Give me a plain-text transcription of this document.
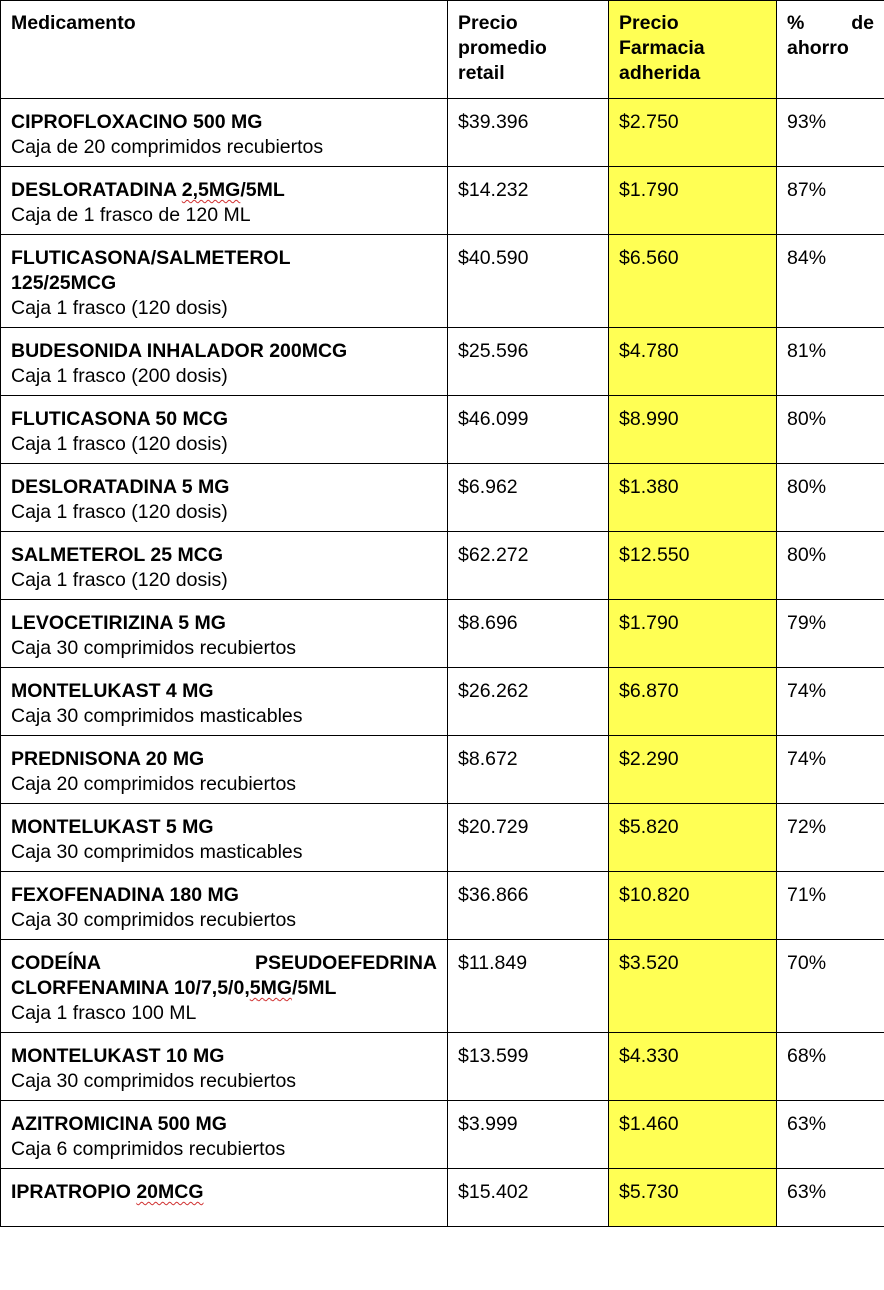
Medicamento	Precio promedio retail	Precio Farmacia adherida	% de
ahorro

CIPROFLOXACINO 500 MG
Caja de 20 comprimidos recubiertos	$39.396	$2.750	93%

DESLORATADINA 2,5MG/5ML
Caja de 1 frasco de 120 ML	$14.232	$1.790	87%

FLUTICASONA/SALMETEROL
125/25MCG
Caja 1 frasco (120 dosis)	$40.590	$6.560	84%

BUDESONIDA INHALADOR 200MCG
Caja 1 frasco (200 dosis)	$25.596	$4.780	81%

FLUTICASONA 50 MCG
Caja 1 frasco (120 dosis)	$46.099	$8.990	80%

DESLORATADINA 5 MG
Caja 1 frasco (120 dosis)	$6.962	$1.380	80%

SALMETEROL 25 MCG
Caja 1 frasco (120 dosis)	$62.272	$12.550	80%

LEVOCETIRIZINA 5 MG
Caja 30 comprimidos recubiertos	$8.696	$1.790	79%

MONTELUKAST 4 MG
Caja 30 comprimidos masticables	$26.262	$6.870	74%

PREDNISONA 20 MG
Caja 20 comprimidos recubiertos	$8.672	$2.290	74%

MONTELUKAST 5 MG
Caja 30 comprimidos masticables	$20.729	$5.820	72%

FEXOFENADINA 180 MG
Caja 30 comprimidos recubiertos	$36.866	$10.820	71%

CODEÍNA PSEUDOEFEDRINA
CLORFENAMINA 10/7,5/0,5MG/5ML
Caja 1 frasco 100 ML	$11.849	$3.520	70%

MONTELUKAST 10 MG
Caja 30 comprimidos recubiertos	$13.599	$4.330	68%

AZITROMICINA 500 MG
Caja 6 comprimidos recubiertos	$3.999	$1.460	63%

IPRATROPIO 20MCG	$15.402	$5.730	63%
